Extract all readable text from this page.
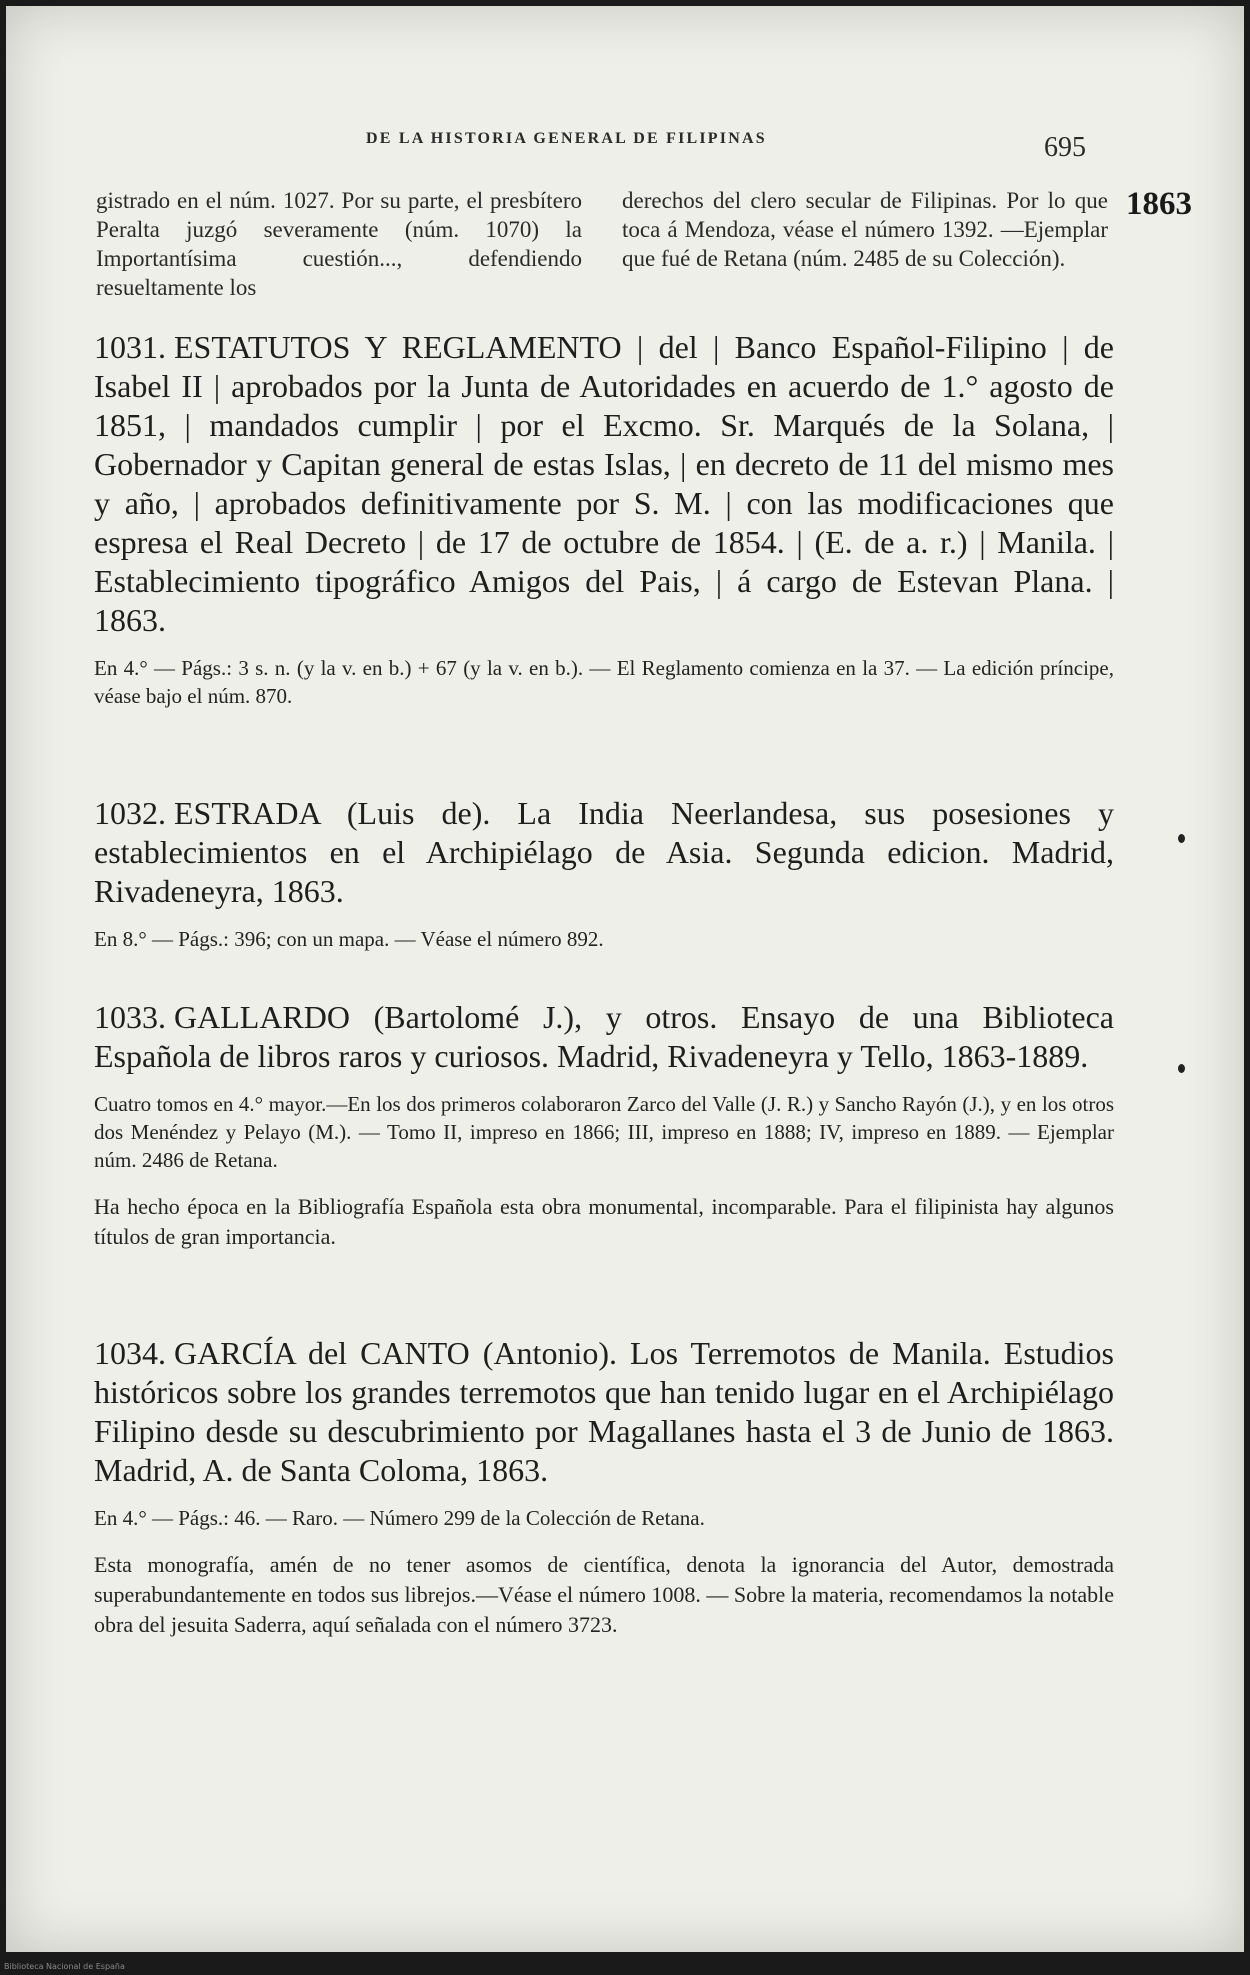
DE LA HISTORIA GENERAL DE FILIPINAS	695
1863
gistrado en el núm. 1027. Por su parte, el presbítero Peralta juzgó severamente (núm. 1070) la Importantísima cuestión..., defendiendo resueltamente los
derechos del clero secular de Filipinas. Por lo que toca á Mendoza, véase el número 1392. —Ejemplar que fué de Retana (núm. 2485 de su Colección).

1031. ESTATUTOS Y REGLAMENTO | del | Banco Español-Filipino | de Isabel II | aprobados por la Junta de Autoridades en acuerdo de 1.° agosto de 1851, | mandados cumplir | por el Excmo. Sr. Marqués de la Solana, | Gobernador y Capitan general de estas Islas, | en decreto de 11 del mismo mes y año, | aprobados definitivamente por S. M. | con las modificaciones que espresa el Real Decreto | de 17 de octubre de 1854. | (E. de a. r.) | Manila. | Establecimiento tipográfico Amigos del Pais, | á cargo de Estevan Plana. | 1863.

En 4.° — Págs.: 3 s. n. (y la v. en b.) + 67 (y la v. en b.). — El Reglamento comienza en la 37. — La edición príncipe, véase bajo el núm. 870.

1032. ESTRADA (Luis de). La India Neerlandesa, sus posesiones y establecimientos en el Archipiélago de Asia. Segunda edicion. Madrid, Rivadeneyra, 1863.

En 8.° — Págs.: 396; con un mapa. — Véase el número 892.

1033. GALLARDO (Bartolomé J.), y otros. Ensayo de una Biblioteca Española de libros raros y curiosos. Madrid, Rivadeneyra y Tello, 1863-1889.

Cuatro tomos en 4.° mayor.—En los dos primeros colaboraron Zarco del Valle (J. R.) y Sancho Rayón (J.), y en los otros dos Menéndez y Pelayo (M.). — Tomo II, impreso en 1866; III, impreso en 1888; IV, impreso en 1889. — Ejemplar núm. 2486 de Retana.

Ha hecho época en la Bibliografía Española esta obra monumental, incomparable. Para el filipinista hay algunos títulos de gran importancia.

1034. GARCÍA del CANTO (Antonio). Los Terremotos de Manila. Estudios históricos sobre los grandes terremotos que han tenido lugar en el Archipiélago Filipino desde su descubrimiento por Magallanes hasta el 3 de Junio de 1863. Madrid, A. de Santa Coloma, 1863.

En 4.° — Págs.: 46. — Raro. — Número 299 de la Colección de Retana.

Esta monografía, amén de no tener asomos de científica, denota la ignorancia del Autor, demostrada superabundantemente en todos sus librejos.—Véase el número 1008. — Sobre la materia, recomendamos la notable obra del jesuita Saderra, aquí señalada con el número 3723.

Biblioteca Nacional de España
